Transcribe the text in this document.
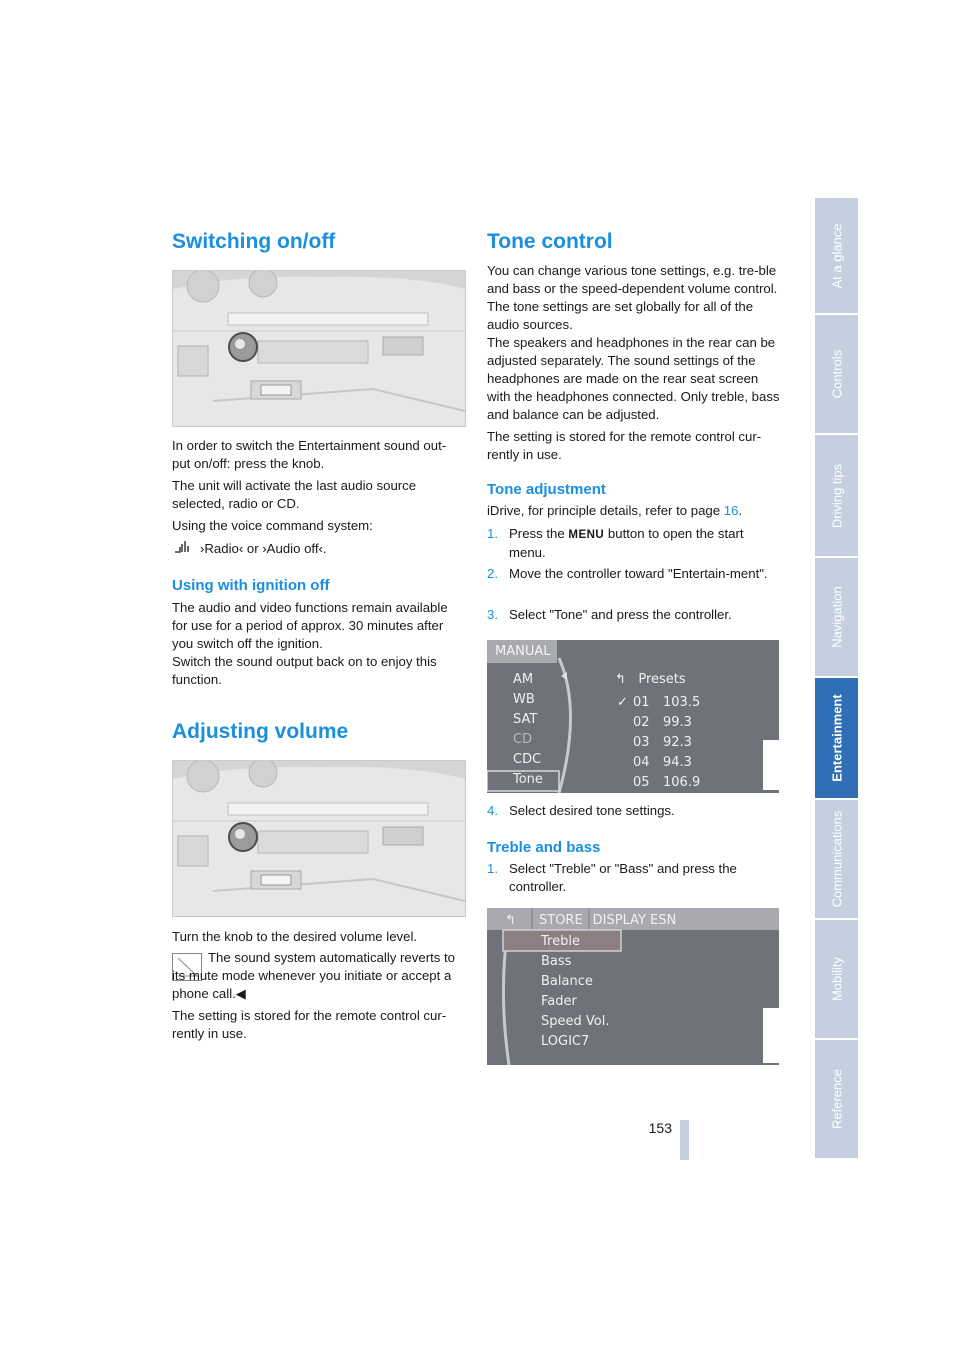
At a glance
Controls
Driving tips
Navigation
Entertainment
Communications
Mobility
Reference
Switching on/off

In order to switch the Entertainment sound out-put on/off: press the knob.

The unit will activate the last audio source selected, radio or CD.

Using the voice command system:

›Radio‹ or ›Audio off‹.

Using with ignition off

The audio and video functions remain available for use for a period of approx. 30 minutes after you switch off the ignition.

Switch the sound output back on to enjoy this function.

Adjusting volume

Turn the knob to the desired volume level.

The sound system automatically reverts to its mute mode whenever you initiate or accept a phone call.◀

The setting is stored for the remote control cur-rently in use.

Tone control

You can change various tone settings, e.g. tre-ble and bass or the speed-dependent volume control. The tone settings are set globally for all of the audio sources.

The speakers and headphones in the rear can be adjusted separately. The sound settings of the headphones are made on the rear seat screen with the headphones connected. Only treble, bass and balance can be adjusted.

The setting is stored for the remote control cur-rently in use.

Tone adjustment

iDrive, for principle details, refer to page 16.

1. Press the MENU button to open the start menu.

2. Move the controller toward "Entertain-ment".

3. Select "Tone" and press the controller.

MANUAL
AM
WB
SAT
CD
CDC
Tone
↰ Presets
✓ 01 103.5
02 99.3
03 92.3
04 94.3
05 106.9

4. Select desired tone settings.

Treble and bass

1. Select "Treble" or "Bass" and press the controller.

↰	STORE DISPLAY ESN
Treble
Bass
Balance
Fader
Speed Vol.
LOGIC7
153
